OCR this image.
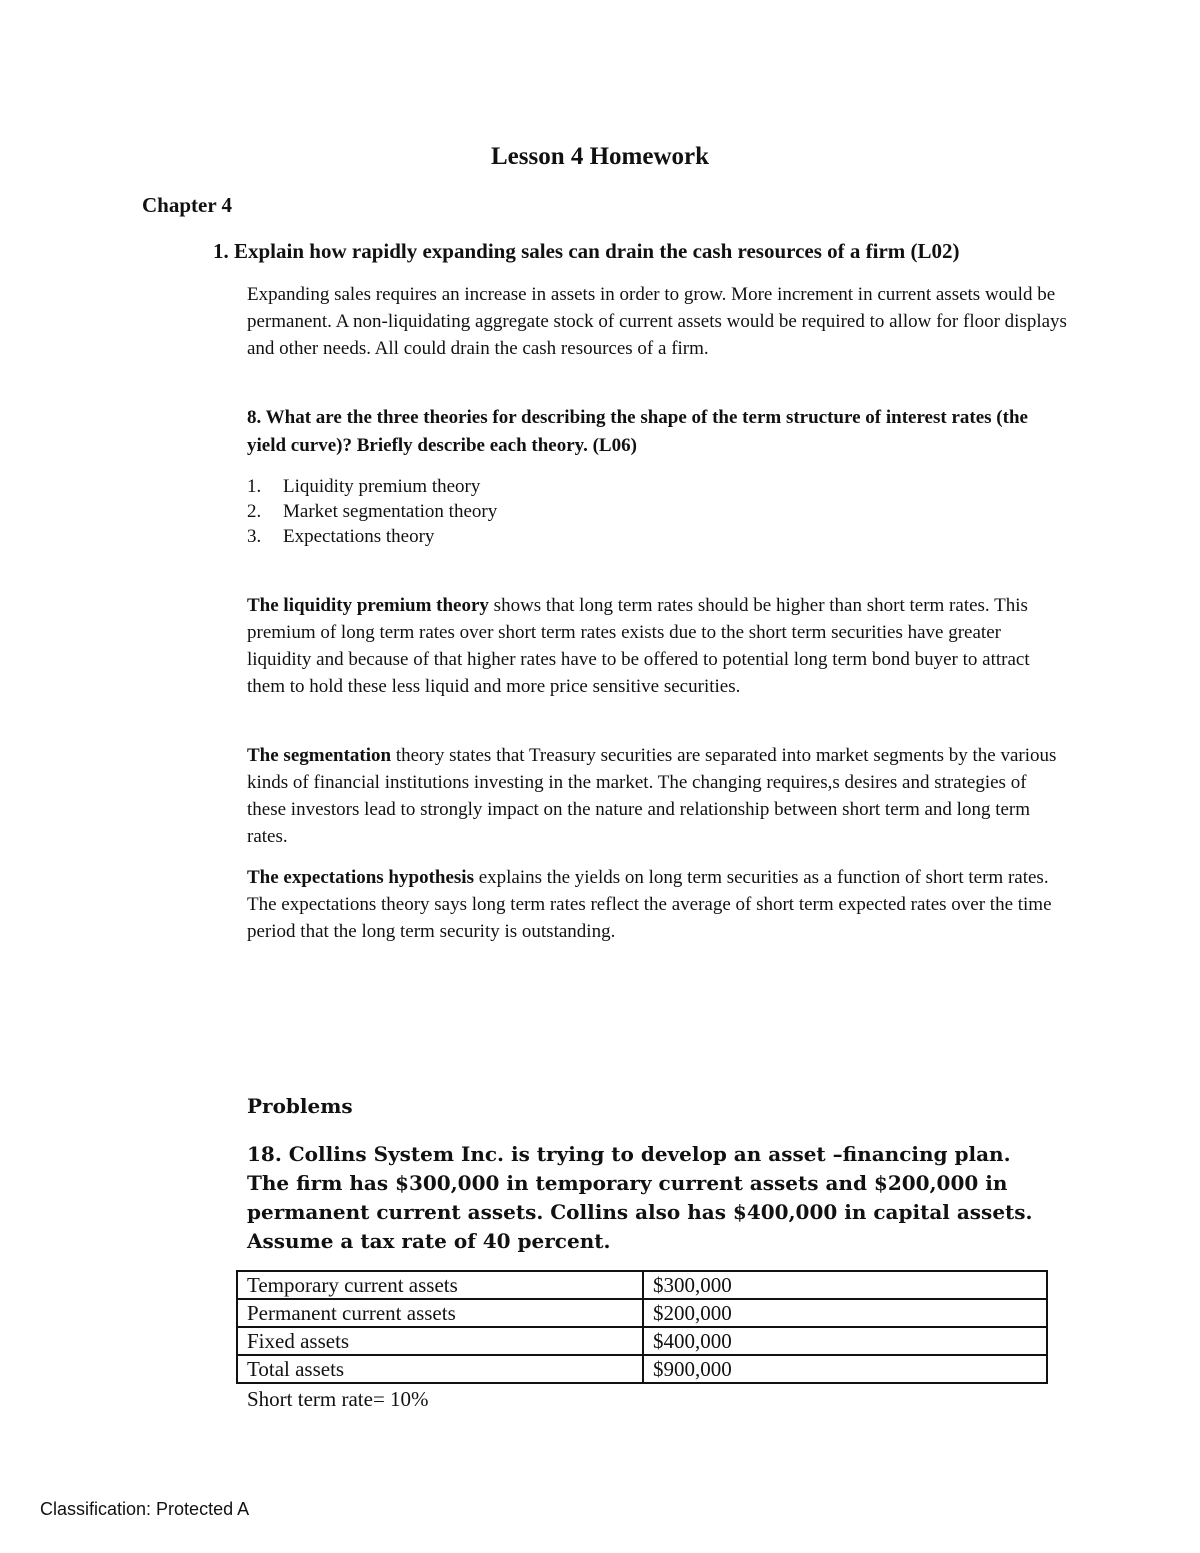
Lesson 4 Homework
Chapter 4
1. Explain how rapidly expanding sales can drain the cash resources of a firm (L02)
Expanding sales requires an increase in assets in order to grow. More increment in current assets would be permanent. A non-liquidating aggregate stock of current assets would be required to allow for floor displays and other needs. All could drain the cash resources of a firm.
8. What are the three theories for describing the shape of the term structure of interest rates (the yield curve)? Briefly describe each theory. (L06)
1.	Liquidity premium theory
2.	Market segmentation theory
3.	Expectations theory
The liquidity premium theory shows that long term rates should be higher than short term rates. This premium of long term rates over short term rates exists due to the short term securities have greater liquidity and because of that higher rates have to be offered to potential long term bond buyer to attract them to hold these less liquid and more price sensitive securities.
The segmentation theory states that Treasury securities are separated into market segments by the various kinds of financial institutions investing in the market. The changing requires,s desires and strategies of these investors lead to strongly impact on the nature and relationship between short term and long term rates.
The expectations hypothesis explains the yields on long term securities as a function of short term rates. The expectations theory says long term rates reflect the average of short term expected rates over the time period that the long term security is outstanding.
Problems
18. Collins System Inc. is trying to develop an asset –financing plan. The firm has $300,000 in temporary current assets and $200,000 in permanent current assets. Collins also has $400,000 in capital assets. Assume a tax rate of 40 percent.
Temporary current assets	$300,000
Permanent current assets	$200,000
Fixed assets	$400,000
Total assets	$900,000
Short term rate= 10%
Classification: Protected A
